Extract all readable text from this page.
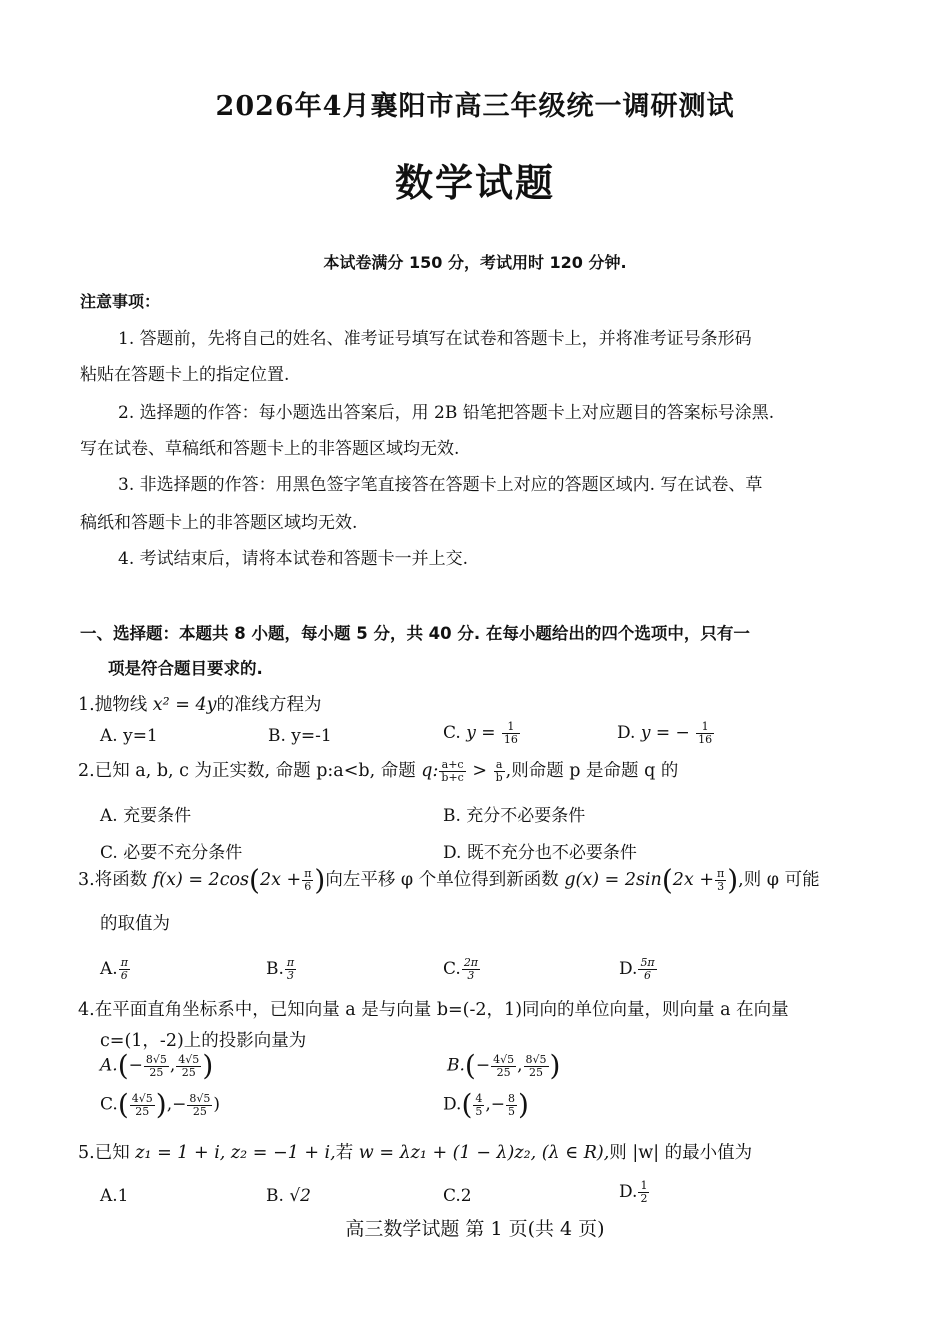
2026年4月襄阳市高三年级统一调研测试
数学试题
本试卷满分 150 分，考试用时 120 分钟.
注意事项：
1. 答题前，先将自己的姓名、准考证号填写在试卷和答题卡上，并将准考证号条形码
粘贴在答题卡上的指定位置.
2. 选择题的作答：每小题选出答案后，用 2B 铅笔把答题卡上对应题目的答案标号涂黑.
写在试卷、草稿纸和答题卡上的非答题区域均无效.
3. 非选择题的作答：用黑色签字笔直接答在答题卡上对应的答题区域内. 写在试卷、草
稿纸和答题卡上的非答题区域均无效.
4. 考试结束后，请将本试卷和答题卡一并上交.
一、选择题：本题共 8 小题，每小题 5 分，共 40 分. 在每小题给出的四个选项中，只有一
项是符合题目要求的.
1.抛物线 x² = 4y的准线方程为
A. y=1	B. y=-1	C. $y = \frac{1}{16}$	D. y = − $\frac{1}{16}$
2.已知 a, b, c 为正实数, 命题 p:a<b, 命题 q: $\frac{a+c}{b+c} > \frac{a}{b}$ ,则命题 p 是命题 q 的
A. 充要条件	B. 充分不必要条件
C. 必要不充分条件	D. 既不充分也不必要条件
3.将函数 $f(x) = 2\cos(2x + \frac{\pi}{6}$ )向左平移 φ 个单位得到新函数 $g(x) = 2\sin(2x + \frac{\pi}{3}$ ),则 φ 可能
的取值为
A. $\frac{\pi}{6}$	B. $\frac{\pi}{3}$	C. $\frac{2\pi}{3}$	D. $\frac{5\pi}{6}$
4.在平面直角坐标系中，已知向量 a 是与向量 b=(-2，1)同向的单位向量，则向量 a 在向量
c=(1，-2)上的投影向量为
$A.(- \frac{8√5}{25}$ , $\frac{4√5}{25}$ )	$B.(- \frac{4√5}{25}$ , $\frac{8√5}{25}$ )
$C.( \frac{4√5}{25}$ ),− $\frac{8√5}{25}$ )	$D.( \frac{4}{5}$ ,− $\frac{8}{5}$ )
5.已知 z₁ = 1 + i, z₂ = −1 + i,若 w = λz₁ + (1 − λ)z₂, (λ ∈ R),则 |w| 的最小值为
A.1	B. √2	C.2	D. $\frac{1}{2}$
高三数学试题 第 1 页(共 4 页)
